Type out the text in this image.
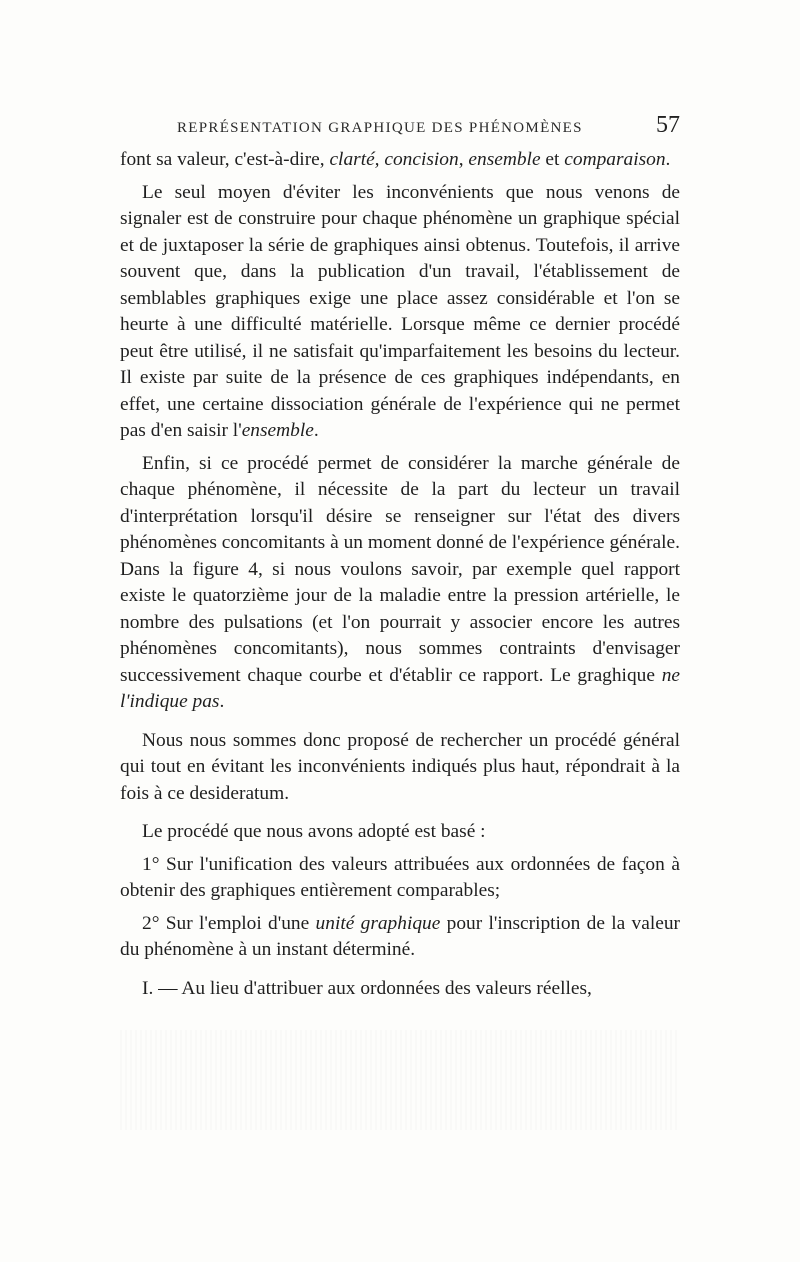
REPRÉSENTATION GRAPHIQUE DES PHÉNOMÈNES	57

font sa valeur, c'est-à-dire, clarté, concision, ensemble et comparaison.

Le seul moyen d'éviter les inconvénients que nous venons de signaler est de construire pour chaque phénomène un graphique spécial et de juxtaposer la série de graphiques ainsi obtenus. Toutefois, il arrive souvent que, dans la publication d'un travail, l'établissement de semblables graphiques exige une place assez considérable et l'on se heurte à une difficulté matérielle. Lorsque même ce dernier procédé peut être utilisé, il ne satisfait qu'imparfaitement les besoins du lecteur. Il existe par suite de la présence de ces graphiques indépendants, en effet, une certaine dissociation générale de l'expérience qui ne permet pas d'en saisir l'ensemble.

Enfin, si ce procédé permet de considérer la marche générale de chaque phénomène, il nécessite de la part du lecteur un travail d'interprétation lorsqu'il désire se renseigner sur l'état des divers phénomènes concomitants à un moment donné de l'expérience générale. Dans la figure 4, si nous voulons savoir, par exemple quel rapport existe le quatorzième jour de la maladie entre la pression artérielle, le nombre des pulsations (et l'on pourrait y associer encore les autres phénomènes concomitants), nous sommes contraints d'envisager successivement chaque courbe et d'établir ce rapport. Le graghique ne l'indique pas.

Nous nous sommes donc proposé de rechercher un procédé général qui tout en évitant les inconvénients indiqués plus haut, répondrait à la fois à ce desideratum.

Le procédé que nous avons adopté est basé :

1° Sur l'unification des valeurs attribuées aux ordonnées de façon à obtenir des graphiques entièrement comparables;

2° Sur l'emploi d'une unité graphique pour l'inscription de la valeur du phénomène à un instant déterminé.

I. — Au lieu d'attribuer aux ordonnées des valeurs réelles,
